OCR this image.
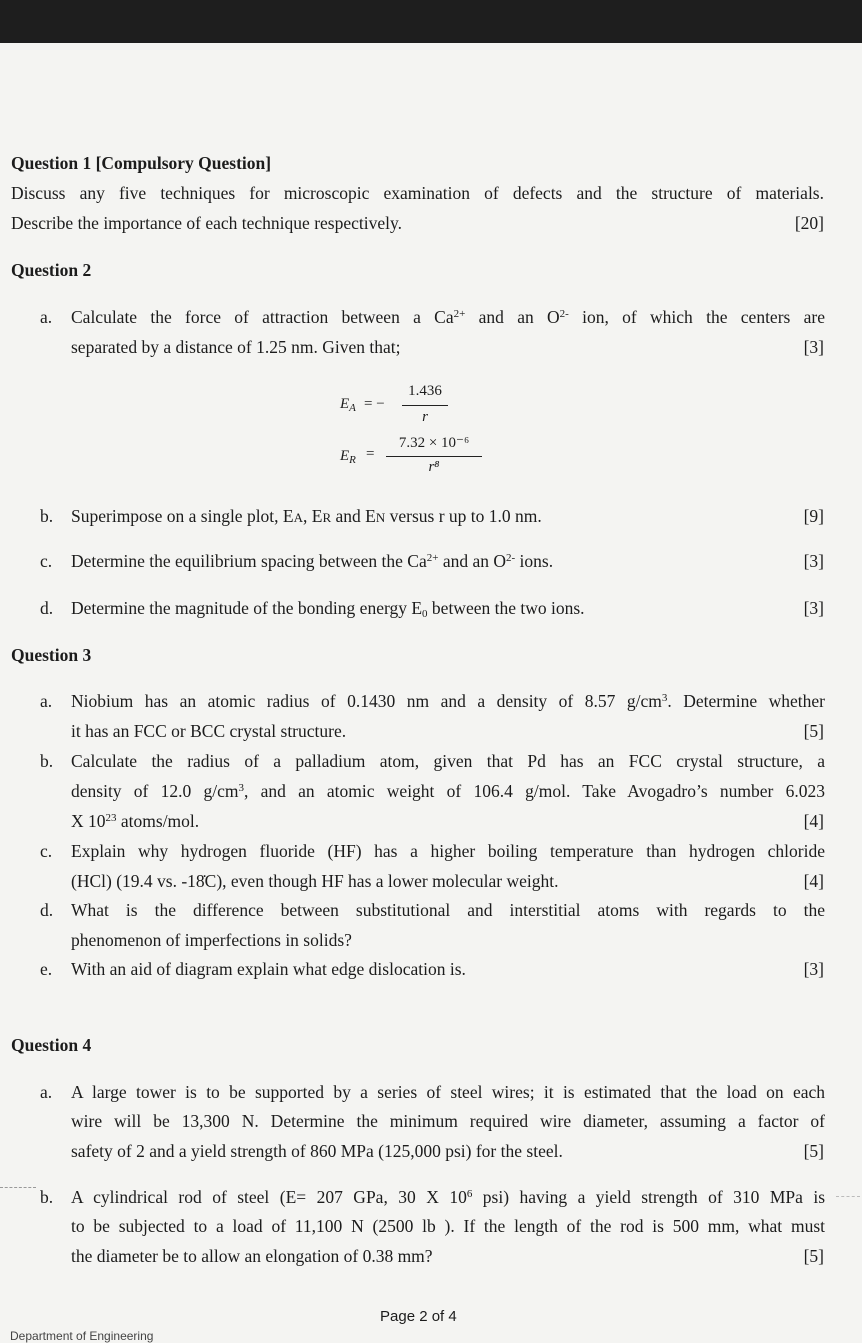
Question 1 [Compulsory Question]
Discuss any five techniques for microscopic examination of defects and the structure of materials.
Describe the importance of each technique respectively.	[20]
Question 2
a. Calculate the force of attraction between a $Ca^{2+}$ and an $O^{2-}$ ion, of which the centers are
separated by a distance of 1.25 nm. Given that;	[3]
$E_A$ = −
1.436
r
$E_R$ =
7.32 × 10⁻⁶
r⁸
b. Superimpose on a single plot, EA, ER and EN versus r up to 1.0 nm.	[9]
c. Determine the equilibrium spacing between the $Ca^{2+}$ and an $O^{2-}$ ions.	[3]
d. Determine the magnitude of the bonding energy $E_0$ between the two ions.	[3]
Question 3
a. Niobium has an atomic radius of 0.1430 nm and a density of 8.57 $g/cm^3$. Determine whether
it has an FCC or BCC crystal structure.	[5]
b. Calculate the radius of a palladium atom, given that Pd has an FCC crystal structure, a
density of 12.0 $g/cm^3$, and an atomic weight of 106.4 g/mol. Take Avogadro’s number 6.023
X $10^{23}$ atoms/mol.	[4]
c. Explain why hydrogen fluoride (HF) has a higher boiling temperature than hydrogen chloride
(HCl) (19.4 vs. -18̇C), even though HF has a lower molecular weight.	[4]
d. What is the difference between substitutional and interstitial atoms with regards to the
phenomenon of imperfections in solids?
e. With an aid of diagram explain what edge dislocation is.	[3]
Question 4
a. A large tower is to be supported by a series of steel wires; it is estimated that the load on each
wire will be 13,300 N. Determine the minimum required wire diameter, assuming a factor of
safety of 2 and a yield strength of 860 MPa (125,000 psi) for the steel.	[5]
b. A cylindrical rod of steel (E= 207 GPa, 30 X $10^6$ psi) having a yield strength of 310 MPa is
to be subjected to a load of 11,100 N (2500 lb ). If the length of the rod is 500 mm, what must
the diameter be to allow an elongation of 0.38 mm?	[5]
Page 2 of 4
Department of Engineering
